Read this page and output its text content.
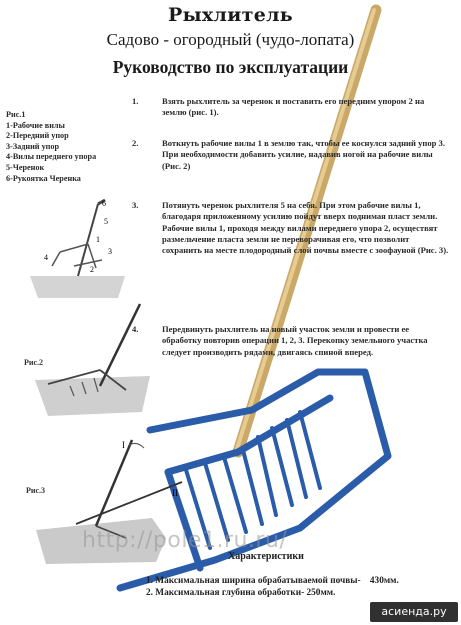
Рыхлитель
Садово - огородный (чудо-лопата)
Руководство по эксплуатации
Рис.1
1-Рабочие вилы
2-Передний упор
3-Задний упор
4-Вилы переднего упора
5-Черенок
6-Рукоятка Черенка
6
5
1
3
4
2
Рис.2
Рис.3
I
II
1.	Взять рыхлитель за черенок и поставить его передним упором 2 на землю (рис. 1).
2.	Воткнуть рабочие вилы 1 в землю так, чтобы ее коснулся задний упор 3. При необходимости добавить усилие, надавив ногой на рабочие вилы (Рис. 2)
3.	Потянуть черенок рыхлителя 5 на себя. При этом рабочие вилы 1, благодаря приложенному усилию пойдут вверх поднимая пласт земли. Рабочие вилы 1, проходя между вилами переднего упора 2, осуществят размельчение пласта земли не переворачивая его, что позволит сохранить на месте плодородный слой почвы вместе с зоофауной (Рис. 3).
4.	Передвинуть рыхлитель на новый участок земли и провести ее обработку повторив операции 1, 2, 3. Перекопку земельного участка следует производить рядами, двигаясь спиной вперед.
http://pole1.ru.ru/
Характеристики
1. Максимальная ширина обрабатываемой почвы-    430мм.
2. Максимальная глубина обработки- 250мм.
асиенда.ру
